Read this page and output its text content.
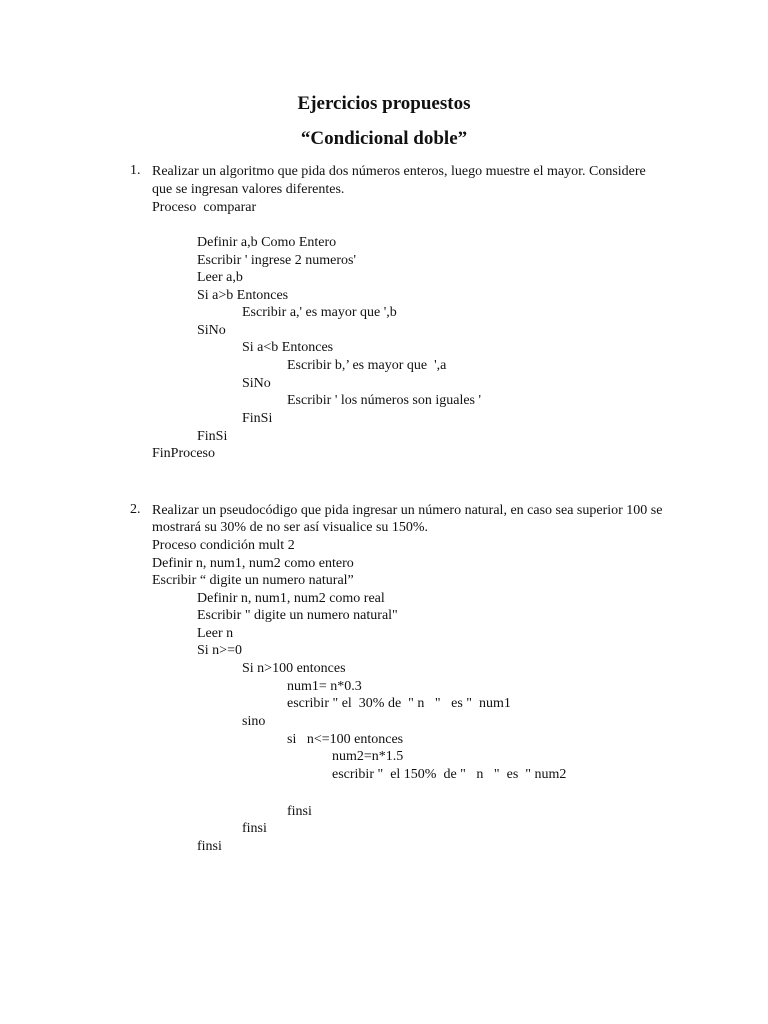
Ejercicios propuestos
“Condicional doble”
1. Realizar un algoritmo que pida dos números enteros, luego muestre el mayor. Considere
que se ingresan valores diferentes.
Proceso  comparar
Definir a,b Como Entero
Escribir ' ingrese 2 numeros'
Leer a,b
Si a>b Entonces
Escribir a,' es mayor que ',b
SiNo
Si a<b Entonces
Escribir b,’ es mayor que  ',a
SiNo
Escribir ' los números son iguales '
FinSi
FinSi
FinProceso
2. Realizar un pseudocódigo que pida ingresar un número natural, en caso sea superior 100 se
mostrará su 30% de no ser así visualice su 150%.
Proceso condición mult 2
Definir n, num1, num2 como entero
Escribir “ digite un numero natural”
Definir n, num1, num2 como real
Escribir " digite un numero natural"
Leer n
Si n>=0
Si n>100 entonces
num1= n*0.3
escribir " el  30% de  " n   "   es "  num1
sino
si   n<=100 entonces
num2=n*1.5
escribir "  el 150%  de "   n   "  es  " num2
finsi
finsi
finsi
